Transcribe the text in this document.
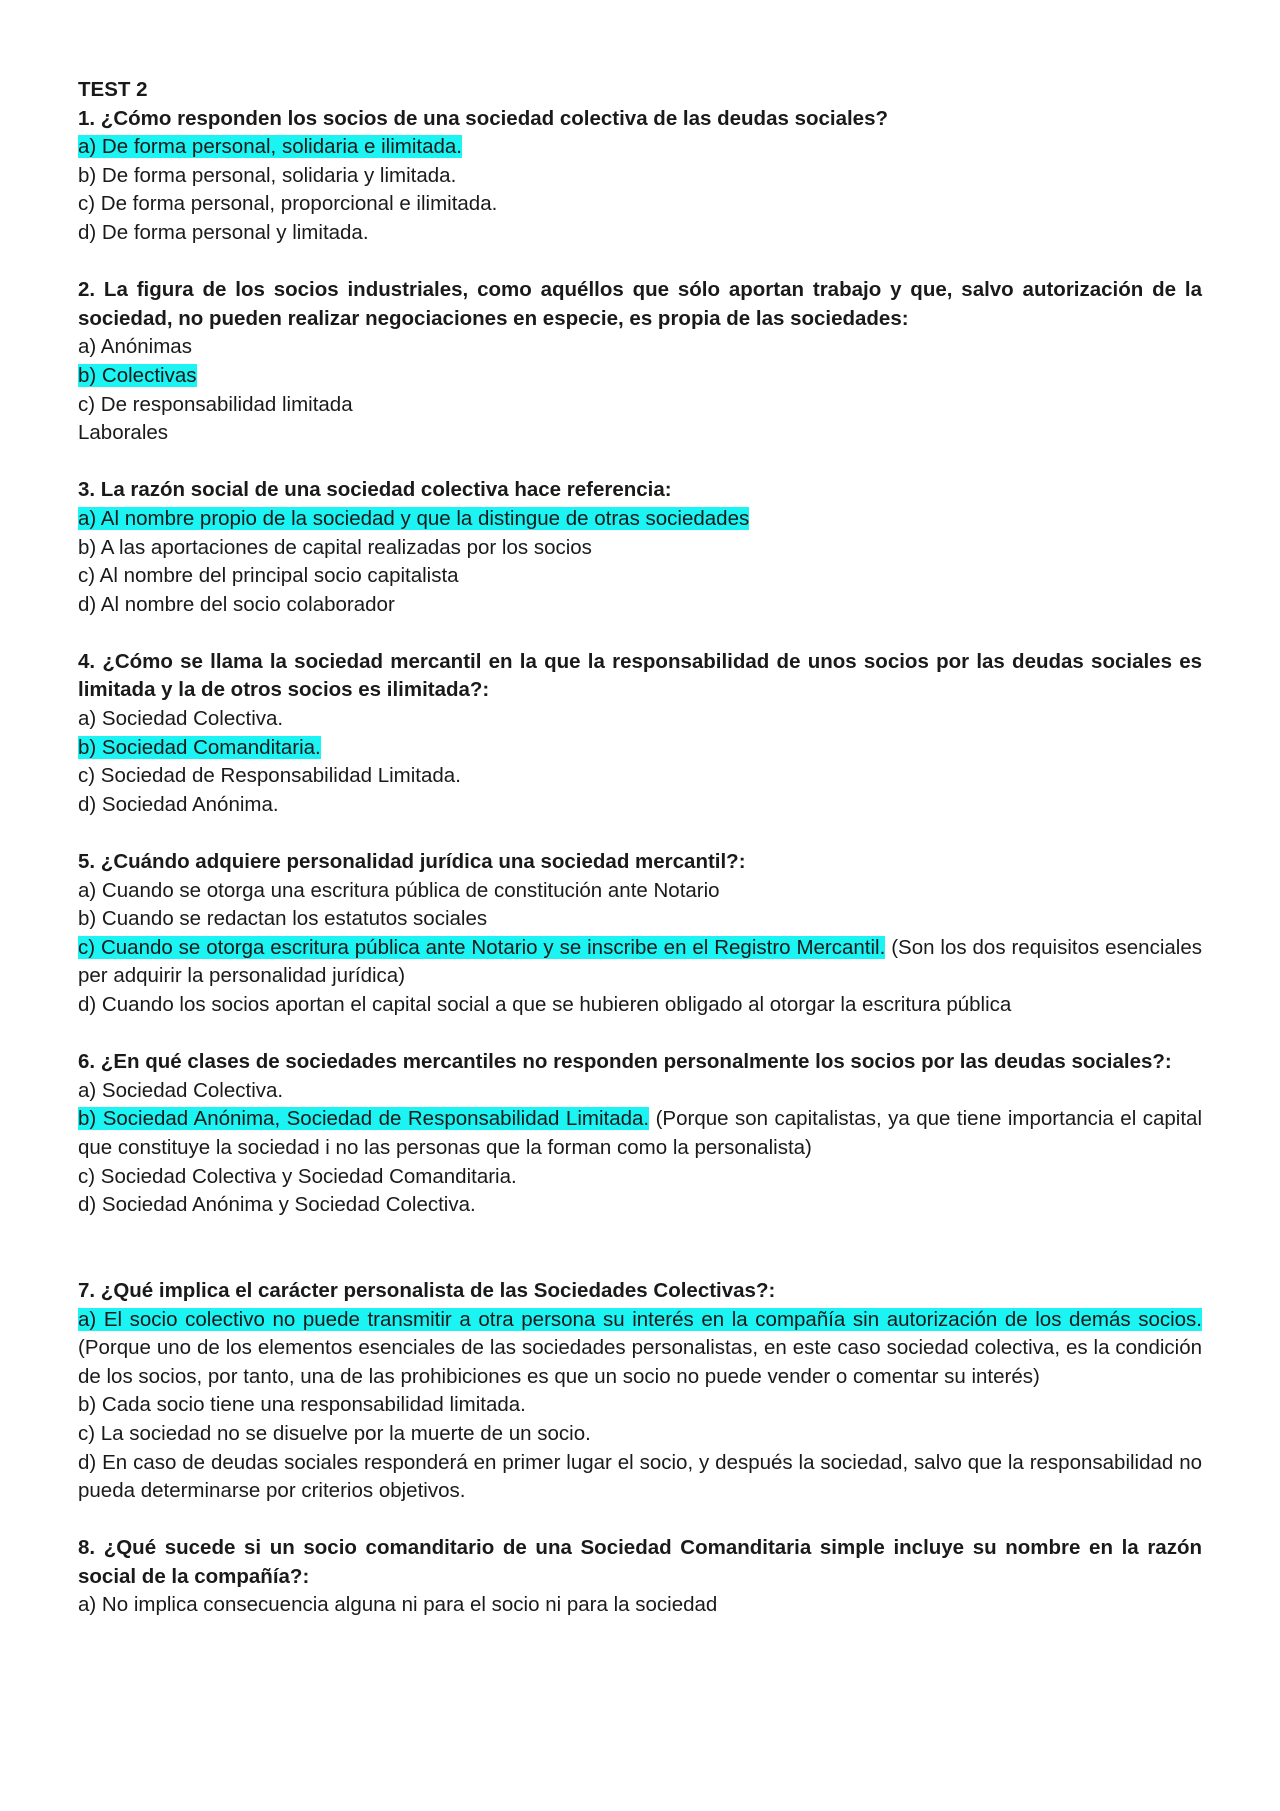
TEST 2
1. ¿Cómo responden los socios de una sociedad colectiva de las deudas sociales?
a) De forma personal, solidaria e ilimitada.
b) De forma personal, solidaria y limitada.
c) De forma personal, proporcional e ilimitada.
d) De forma personal y limitada.
2. La figura de los socios industriales, como aquéllos que sólo aportan trabajo y que, salvo autorización de la sociedad, no pueden realizar negociaciones en especie, es propia de las sociedades:
a) Anónimas
b) Colectivas
c) De responsabilidad limitada
Laborales
3. La razón social de una sociedad colectiva hace referencia:
a) Al nombre propio de la sociedad y que la distingue de otras sociedades
b) A las aportaciones de capital realizadas por los socios
c) Al nombre del principal socio capitalista
d) Al nombre del socio colaborador
4. ¿Cómo se llama la sociedad mercantil en la que la responsabilidad de unos socios por las deudas sociales es limitada y la de otros socios es ilimitada?:
a) Sociedad Colectiva.
b) Sociedad Comanditaria.
c) Sociedad de Responsabilidad Limitada.
d) Sociedad Anónima.
5. ¿Cuándo adquiere personalidad jurídica una sociedad mercantil?:
a) Cuando se otorga una escritura pública de constitución ante Notario
b) Cuando se redactan los estatutos sociales
c) Cuando se otorga escritura pública ante Notario y se inscribe en el Registro Mercantil. (Son los dos requisitos esenciales per adquirir la personalidad jurídica)
d) Cuando los socios aportan el capital social a que se hubieren obligado al otorgar la escritura pública
6. ¿En qué clases de sociedades mercantiles no responden personalmente los socios por las deudas sociales?:
a) Sociedad Colectiva.
b) Sociedad Anónima, Sociedad de Responsabilidad Limitada. (Porque son capitalistas, ya que tiene importancia el capital que constituye la sociedad i no las personas que la forman como la personalista)
c) Sociedad Colectiva y Sociedad Comanditaria.
d) Sociedad Anónima y Sociedad Colectiva.
7. ¿Qué implica el carácter personalista de las Sociedades Colectivas?:
a) El socio colectivo no puede transmitir a otra persona su interés en la compañía sin autorización de los demás socios. (Porque uno de los elementos esenciales de las sociedades personalistas, en este caso sociedad colectiva, es la condición de los socios, por tanto, una de las prohibiciones es que un socio no puede vender o comentar su interés)
b) Cada socio tiene una responsabilidad limitada.
c) La sociedad no se disuelve por la muerte de un socio.
d) En caso de deudas sociales responderá en primer lugar el socio, y después la sociedad, salvo que la responsabilidad no pueda determinarse por criterios objetivos.
8. ¿Qué sucede si un socio comanditario de una Sociedad Comanditaria simple incluye su nombre en la razón social de la compañía?:
a) No implica consecuencia alguna ni para el socio ni para la sociedad
